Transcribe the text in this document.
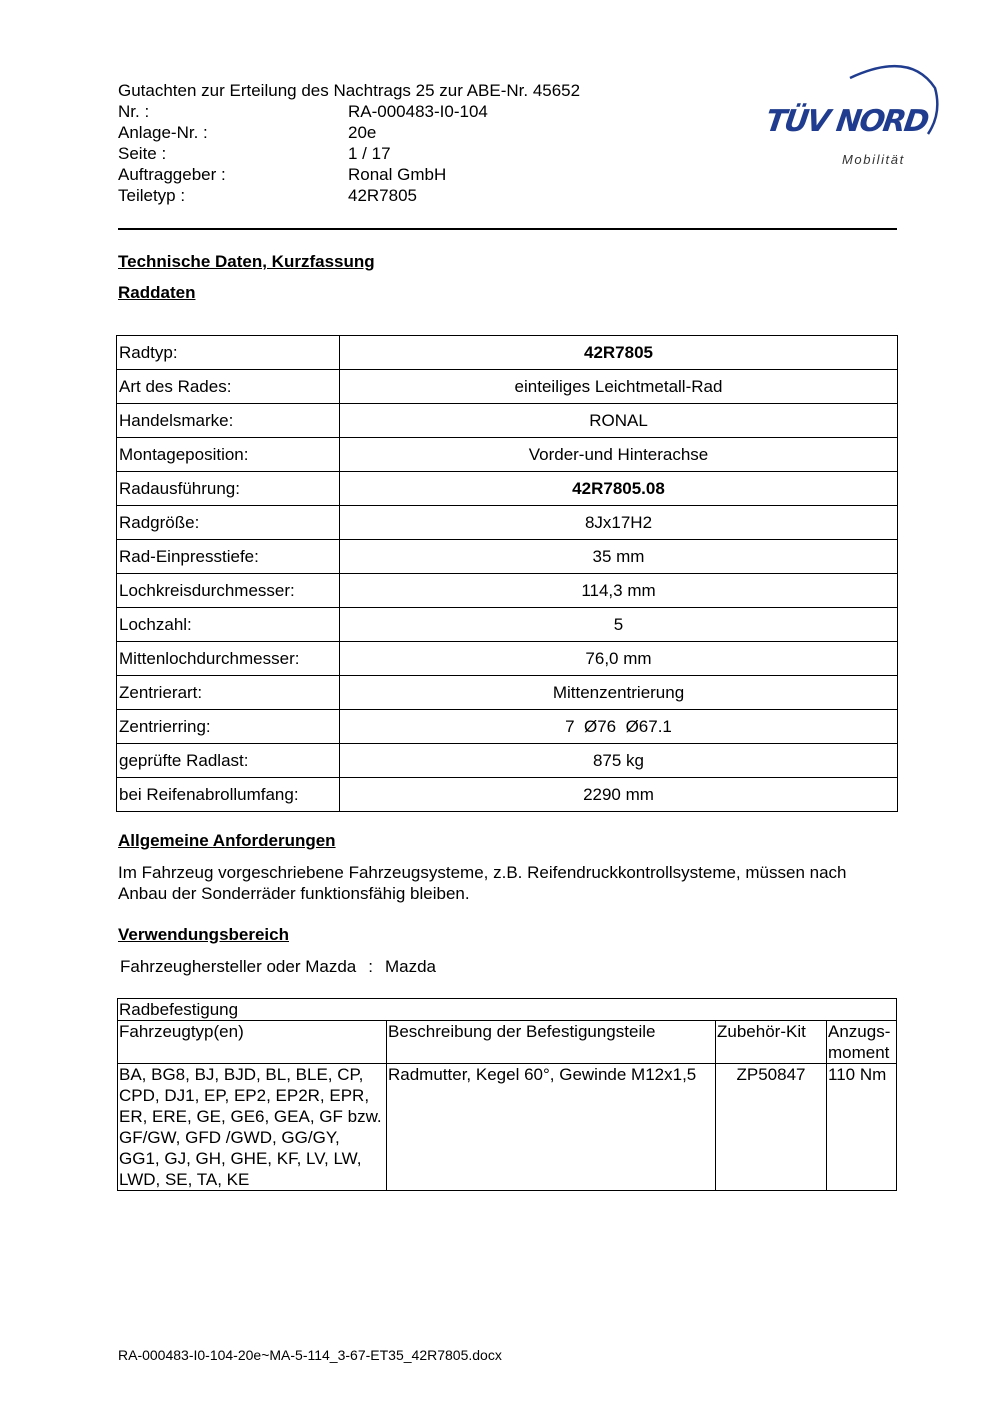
Gutachten zur Erteilung des Nachtrags 25 zur ABE-Nr. 45652
Nr. :	RA-000483-I0-104
Anlage-Nr. :	20e
Seite :	1 / 17
Auftraggeber :	Ronal GmbH
Teiletyp :	42R7805
TÜV NORD
Mobilität
Technische Daten, Kurzfassung
Raddaten
Radtyp:	42R7805
Art des Rades:	einteiliges Leichtmetall-Rad
Handelsmarke:	RONAL
Montageposition:	Vorder-und Hinterachse
Radausführung:	42R7805.08
Radgröße:	8Jx17H2
Rad-Einpresstiefe:	35 mm
Lochkreisdurchmesser:	114,3 mm
Lochzahl:	5
Mittenlochdurchmesser:	76,0 mm
Zentrierart:	Mittenzentrierung
Zentrierring:	7  Ø76  Ø67.1
geprüfte Radlast:	875 kg
bei Reifenabrollumfang:	2290 mm
Allgemeine Anforderungen
Im Fahrzeug vorgeschriebene Fahrzeugsysteme, z.B. Reifendruckkontrollsysteme, müssen nach Anbau der Sonderräder funktionsfähig bleiben.
Verwendungsbereich
Fahrzeughersteller oder Mazda : Mazda
Radbefestigung			
Fahrzeugtyp(en)	Beschreibung der Befestigungsteile	Zubehör-Kit	Anzugs-
moment
BA, BG8, BJ, BJD, BL, BLE, CP, CPD, DJ1, EP, EP2, EP2R, EPR, ER, ERE, GE, GE6, GEA, GF bzw. GF/GW, GFD /GWD, GG/GY, GG1, GJ, GH, GHE, KF, LV, LW, LWD, SE, TA, KE	Radmutter, Kegel 60°, Gewinde M12x1,5	ZP50847	110 Nm
RA-000483-I0-104-20e~MA-5-114_3-67-ET35_42R7805.docx
